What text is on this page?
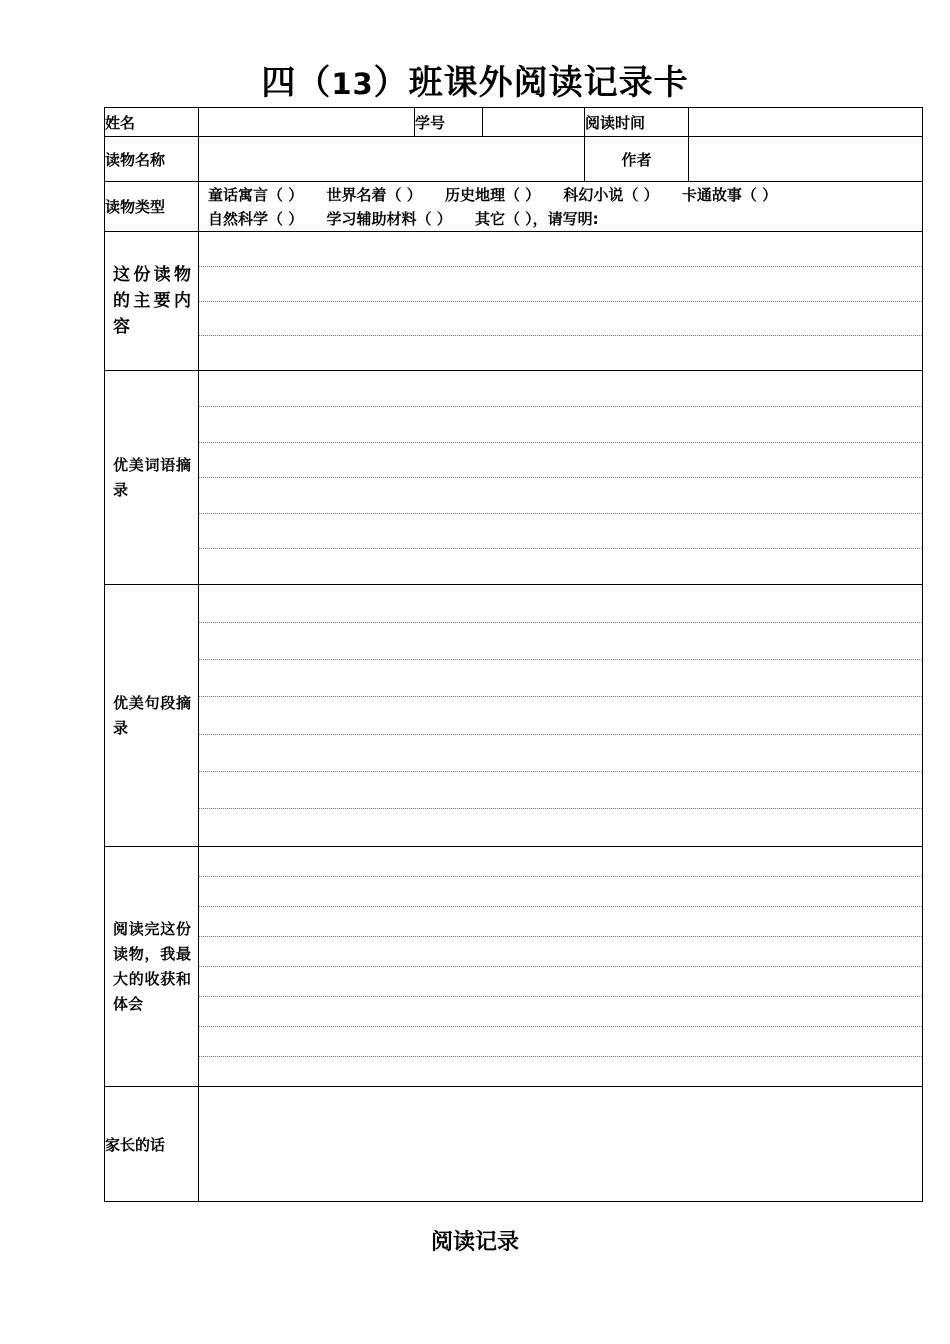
四（13）班课外阅读记录卡
姓名		学号		阅读时间	
读物名称				作者	
读物类型	童话寓言（ ） 世界名着（ ） 历史地理（ ） 科幻小说（ ） 卡通故事（ ）
自然科学（ ） 学习辅助材料（ ） 其它（ ），请写明:				

这份读物的主要内容					

优美词语摘录					

优美句段摘录					

阅读完这份读物，我最大的收获和体会					

家长的话					
阅读记录
